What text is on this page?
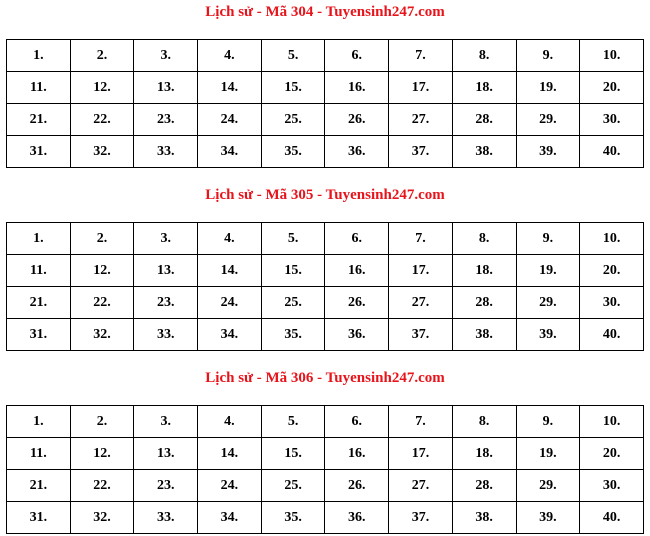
Lịch sử - Mã 304 - Tuyensinh247.com
1.	2.	3.	4.	5.	6.	7.	8.	9.	10.
11.	12.	13.	14.	15.	16.	17.	18.	19.	20.
21.	22.	23.	24.	25.	26.	27.	28.	29.	30.
31.	32.	33.	34.	35.	36.	37.	38.	39.	40.
Lịch sử - Mã 305 - Tuyensinh247.com
1.	2.	3.	4.	5.	6.	7.	8.	9.	10.
11.	12.	13.	14.	15.	16.	17.	18.	19.	20.
21.	22.	23.	24.	25.	26.	27.	28.	29.	30.
31.	32.	33.	34.	35.	36.	37.	38.	39.	40.
Lịch sử - Mã 306 - Tuyensinh247.com
1.	2.	3.	4.	5.	6.	7.	8.	9.	10.
11.	12.	13.	14.	15.	16.	17.	18.	19.	20.
21.	22.	23.	24.	25.	26.	27.	28.	29.	30.
31.	32.	33.	34.	35.	36.	37.	38.	39.	40.
